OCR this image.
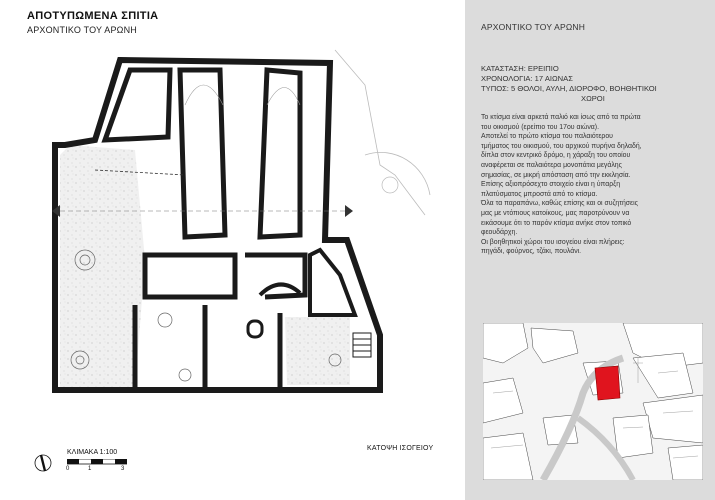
ΑΠΟΤΥΠΩΜΕΝΑ ΣΠΙΤΙΑ
ΑΡΧΟΝΤΙΚΟ ΤΟΥ ΑΡΩΝΗ
ΚΛΙΜΑΚΑ 1:100
0	1	3
ΚΑΤΟΨΗ ΙΣΟΓΕΙΟΥ
ΑΡΧΟΝΤΙΚΟ ΤΟΥ ΑΡΩΝΗ
ΚΑΤΑΣΤΑΣΗ: ΕΡΕΙΠΙΟ
ΧΡΟΝΟΛΟΓΙΑ: 17 ΑΙΩΝΑΣ
ΤΥΠΟΣ: 5 ΘΟΛΟΙ, ΑΥΛΗ, ΔΙΟΡΟΦΟ, ΒΟΗΘΗΤΙΚΟΙ
ΧΩΡΟΙ

Το κτίσμα είναι αρκετά παλιό και ίσως από τα πρώτα

του οικισμού (ερείπιο του 17ου αιώνα).

Αποτελεί το πρώτο κτίσμα του παλαιότερου

τμήματος του οικισμού, του αρχικού πυρήνα δηλαδή,

δίπλα στον κεντρικό δρόμο, η χάραξη του οποίου

αναφέρεται σε παλαιότερα μονοπάτια μεγάλης

σημασίας, σε μικρή απόσταση από την εκκλησία.

Επίσης αξιοπρόσεχτο στοιχείο είναι η ύπαρξη

πλατύσματος μπροστά από το κτίσμα.

Όλα τα παραπάνω, καθώς επίσης και οι συζητήσεις

μας με ντόπιους κατοίκους, μας παροτρύνουν να

εικάσουμε ότι το παρόν κτίσμα ανήκε στον τοπικό

φεουδάρχη.

Οι βοηθητικοί χώροι του ισογείου είναι πλήρεις:

πηγάδι, φούρνος, τζάκι, πουλάνι.
